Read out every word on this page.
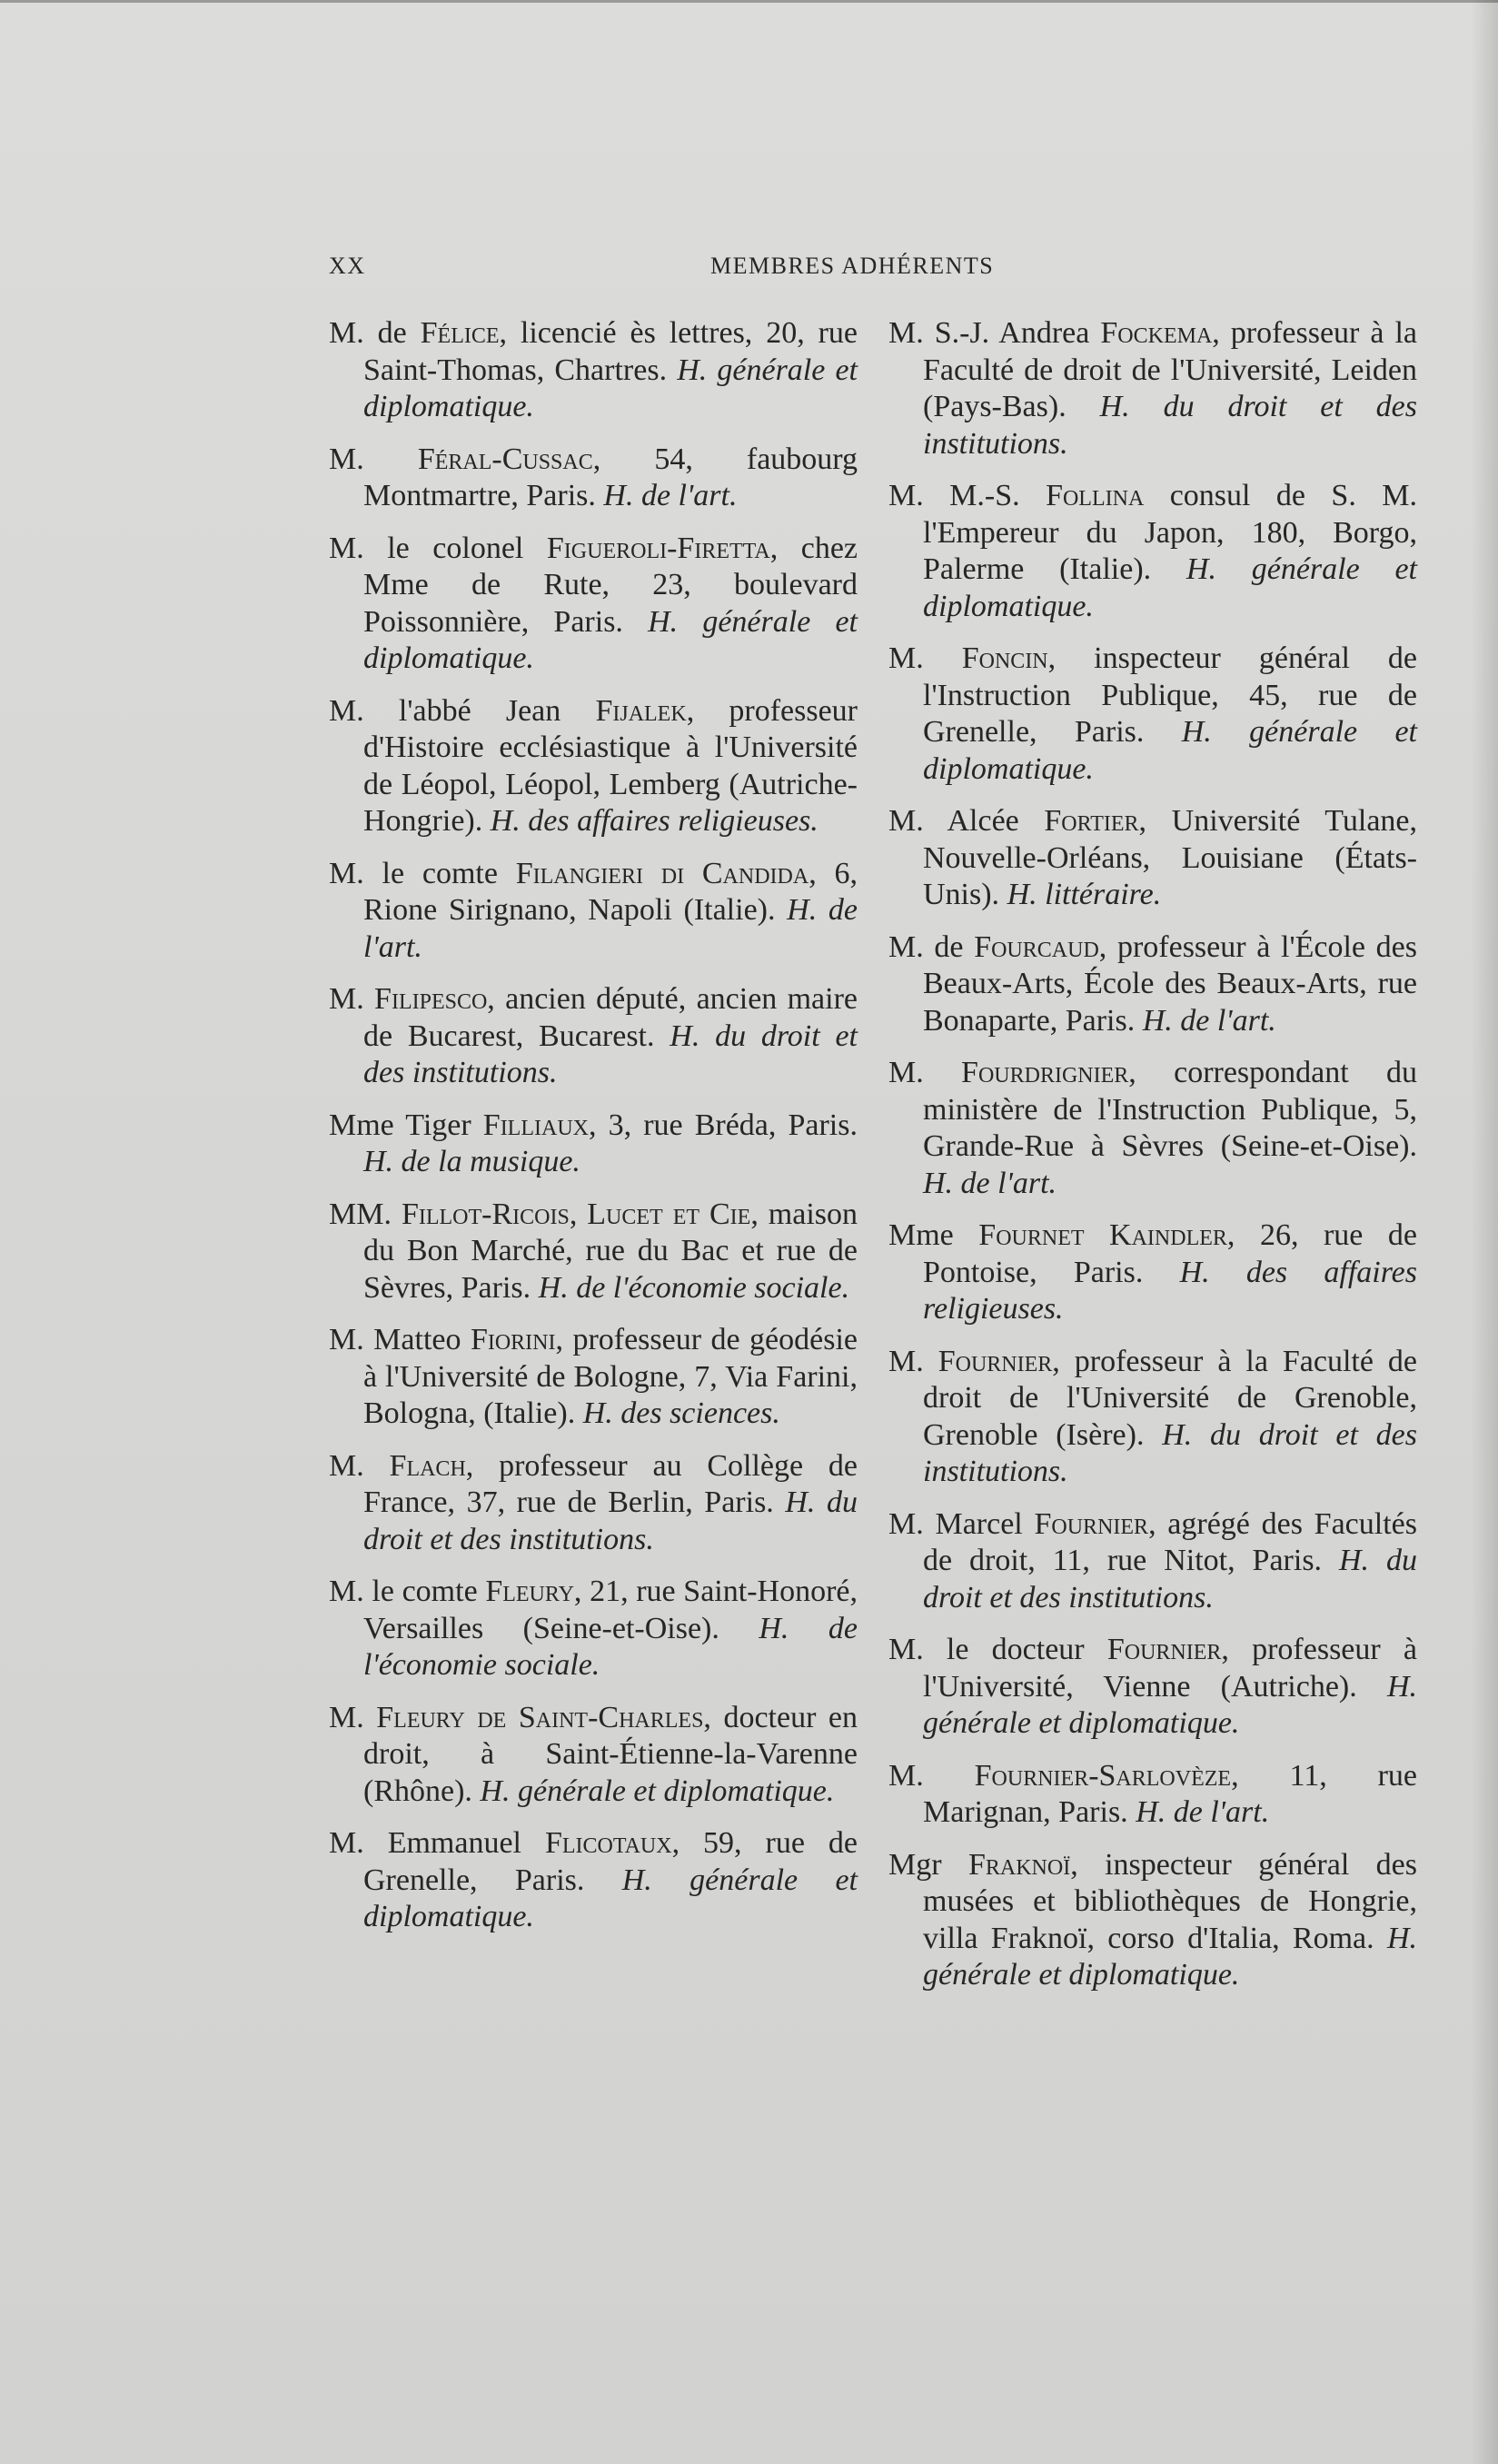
XX	MEMBRES ADHÉRENTS

M. de Félice, licencié ès lettres, 20, rue Saint-Thomas, Chartres. H. générale et diplomatique.

M. Féral-Cussac, 54, faubourg Montmartre, Paris. H. de l'art.

M. le colonel Figueroli-Firetta, chez Mme de Rute, 23, boulevard Poissonnière, Paris. H. générale et diplomatique.

M. l'abbé Jean Fijalek, professeur d'Histoire ecclésiastique à l'Université de Léopol, Léopol, Lemberg (Autriche-Hongrie). H. des affaires religieuses.

M. le comte Filangieri di Candida, 6, Rione Sirignano, Napoli (Italie). H. de l'art.

M. Filipesco, ancien député, ancien maire de Bucarest, Bucarest. H. du droit et des institutions.

Mme Tiger Filliaux, 3, rue Bréda, Paris. H. de la musique.

MM. Fillot-Ricois, Lucet et Cie, maison du Bon Marché, rue du Bac et rue de Sèvres, Paris. H. de l'économie sociale.

M. Matteo Fiorini, professeur de géodésie à l'Université de Bologne, 7, Via Farini, Bologna, (Italie). H. des sciences.

M. Flach, professeur au Collège de France, 37, rue de Berlin, Paris. H. du droit et des institutions.

M. le comte Fleury, 21, rue Saint-Honoré, Versailles (Seine-et-Oise). H. de l'économie sociale.

M. Fleury de Saint-Charles, docteur en droit, à Saint-Étienne-la-Varenne (Rhône). H. générale et diplomatique.

M. Emmanuel Flicotaux, 59, rue de Grenelle, Paris. H. générale et diplomatique.

M. S.-J. Andrea Fockema, professeur à la Faculté de droit de l'Université, Leiden (Pays-Bas). H. du droit et des institutions.

M. M.-S. Follina consul de S. M. l'Empereur du Japon, 180, Borgo, Palerme (Italie). H. générale et diplomatique.

M. Foncin, inspecteur général de l'Instruction Publique, 45, rue de Grenelle, Paris. H. générale et diplomatique.

M. Alcée Fortier, Université Tulane, Nouvelle-Orléans, Louisiane (États-Unis). H. littéraire.

M. de Fourcaud, professeur à l'École des Beaux-Arts, École des Beaux-Arts, rue Bonaparte, Paris. H. de l'art.

M. Fourdrignier, correspondant du ministère de l'Instruction Publique, 5, Grande-Rue à Sèvres (Seine-et-Oise). H. de l'art.

Mme Fournet Kaindler, 26, rue de Pontoise, Paris. H. des affaires religieuses.

M. Fournier, professeur à la Faculté de droit de l'Université de Grenoble, Grenoble (Isère). H. du droit et des institutions.

M. Marcel Fournier, agrégé des Facultés de droit, 11, rue Nitot, Paris. H. du droit et des institutions.

M. le docteur Fournier, professeur à l'Université, Vienne (Autriche). H. générale et diplomatique.

M. Fournier-Sarlovèze, 11, rue Marignan, Paris. H. de l'art.

Mgr Fraknoï, inspecteur général des musées et bibliothèques de Hongrie, villa Fraknoï, corso d'Italia, Roma. H. générale et diplomatique.
